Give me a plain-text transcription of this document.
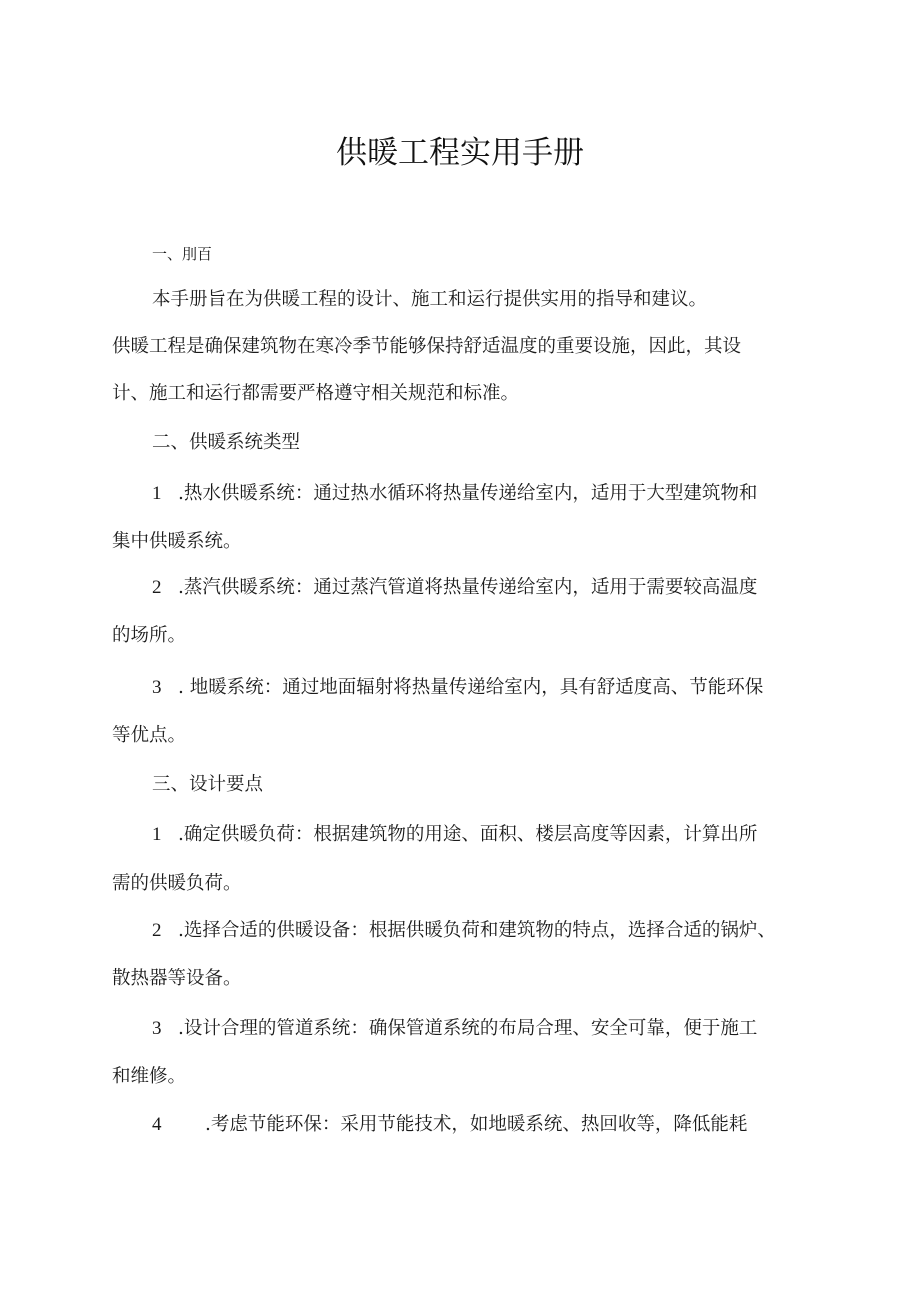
供暖工程实用手册
一、刖百
本手册旨在为供暖工程的设计、施工和运行提供实用的指导和建议。
供暖工程是确保建筑物在寒冷季节能够保持舒适温度的重要设施，因此，其设
计、施工和运行都需要严格遵守相关规范和标准。
二、供暖系统类型
1 .热水供暖系统：通过热水循环将热量传递给室内，适用于大型建筑物和
集中供暖系统。
2 .蒸汽供暖系统：通过蒸汽管道将热量传递给室内，适用于需要较高温度
的场所。
3 . 地暖系统：通过地面辐射将热量传递给室内，具有舒适度高、节能环保
等优点。
三、设计要点
1 .确定供暖负荷：根据建筑物的用途、面积、楼层高度等因素，计算出所
需的供暖负荷。
2 .选择合适的供暖设备：根据供暖负荷和建筑物的特点，选择合适的锅炉、
散热器等设备。
3 .设计合理的管道系统：确保管道系统的布局合理、安全可靠，便于施工
和维修。
4 .考虑节能环保：采用节能技术，如地暖系统、热回收等，降低能耗
